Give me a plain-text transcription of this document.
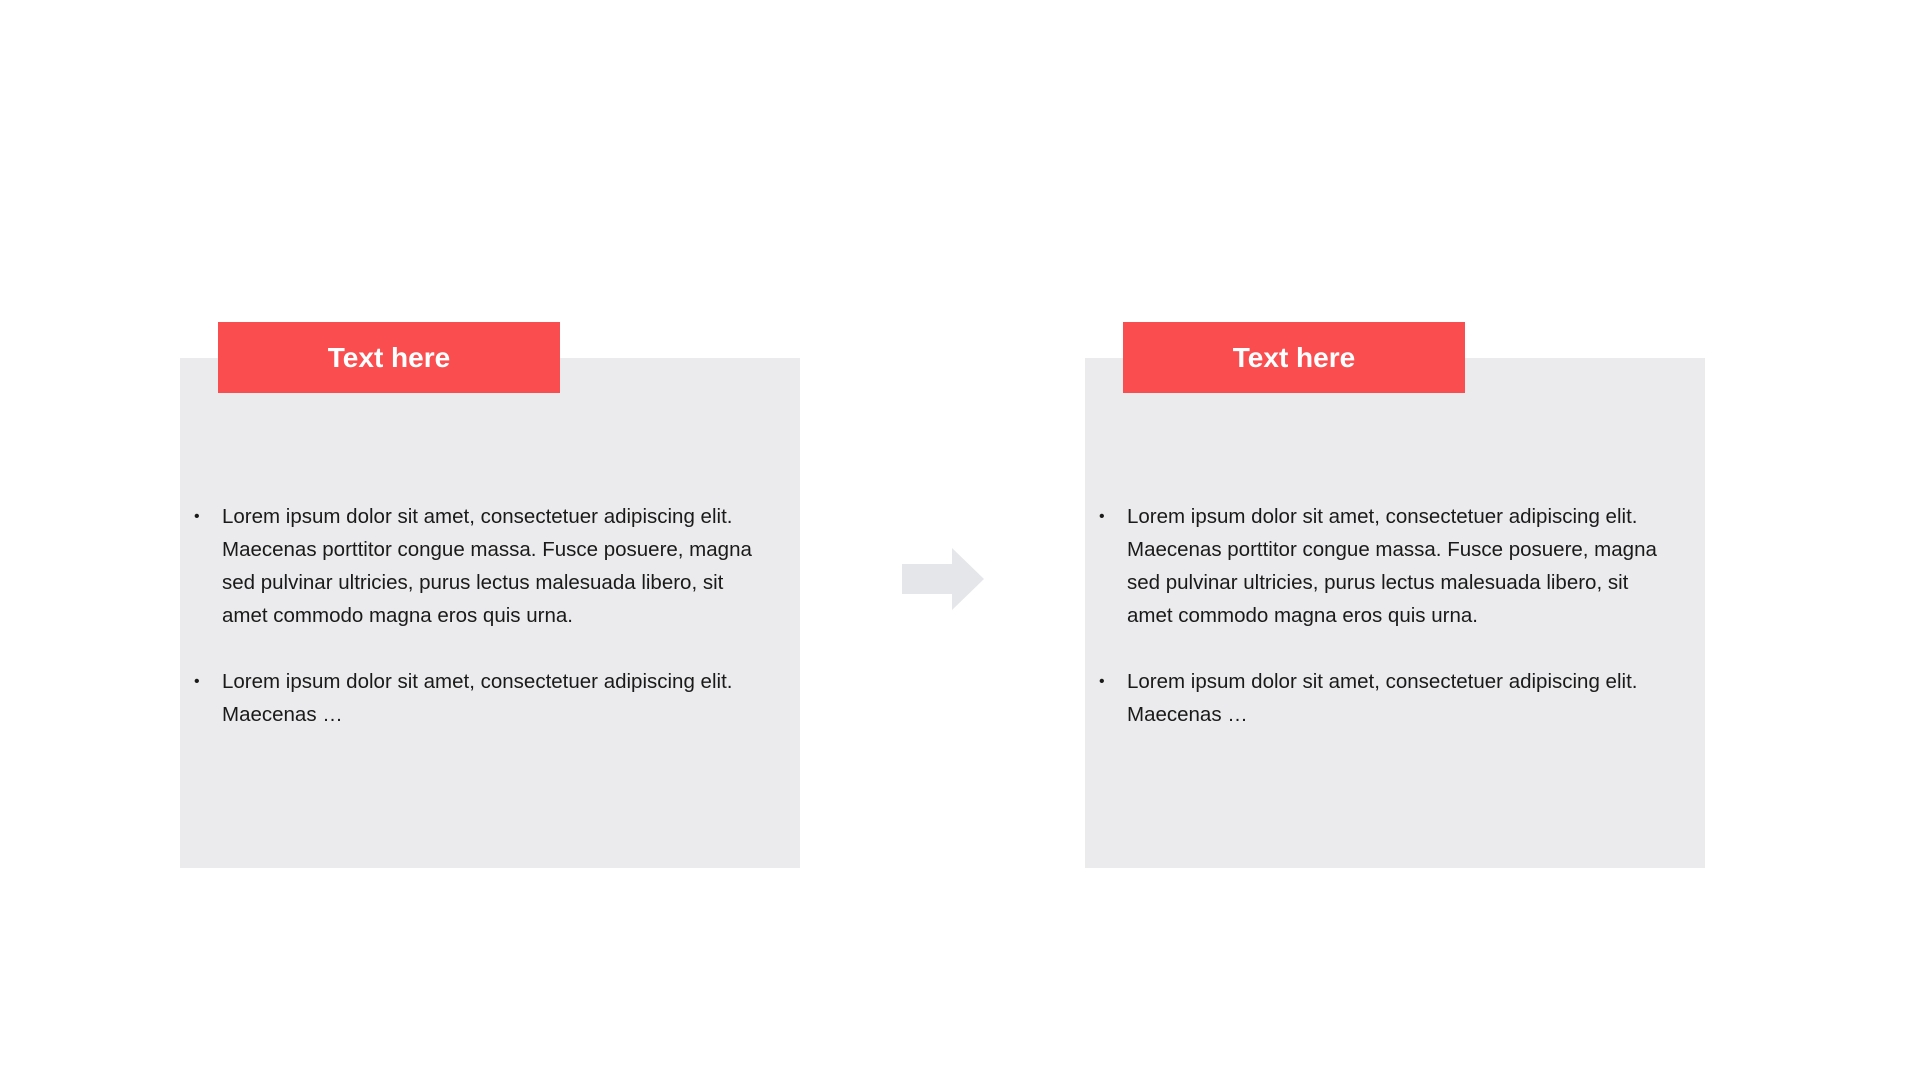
Text here
•	Lorem ipsum dolor sit amet, consectetuer adipiscing elit. Maecenas porttitor congue massa. Fusce posuere, magna sed pulvinar ultricies, purus lectus malesuada libero, sit amet commodo magna eros quis urna.
•	Lorem ipsum dolor sit amet, consectetuer adipiscing elit. Maecenas …
Text here
•	Lorem ipsum dolor sit amet, consectetuer adipiscing elit. Maecenas porttitor congue massa. Fusce posuere, magna sed pulvinar ultricies, purus lectus malesuada libero, sit amet commodo magna eros quis urna.
•	Lorem ipsum dolor sit amet, consectetuer adipiscing elit. Maecenas …
